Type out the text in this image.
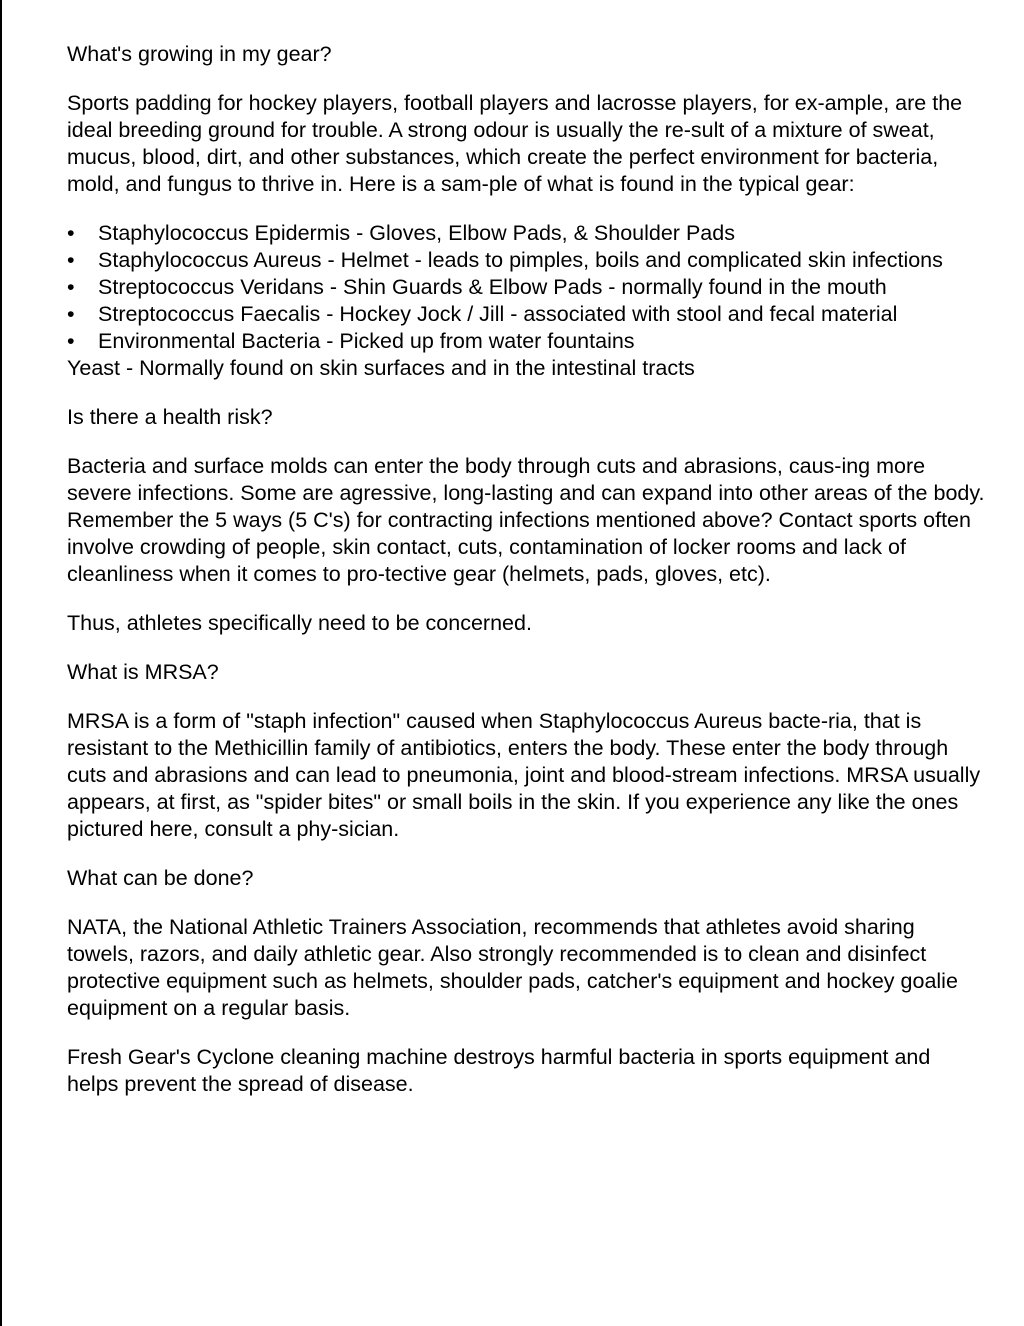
What's growing in my gear?

Sports padding for hockey players, football players and lacrosse players, for ex-ample, are the ideal breeding ground for trouble. A strong odour is usually the re-sult of a mixture of sweat, mucus, blood, dirt, and other substances, which create the perfect environment for bacteria, mold, and fungus to thrive in. Here is a sam-ple of what is found in the typical gear:

• Staphylococcus Epidermis - Gloves, Elbow Pads, & Shoulder Pads
• Staphylococcus Aureus - Helmet - leads to pimples, boils and complicated skin infections
• Streptococcus Veridans - Shin Guards & Elbow Pads - normally found in the mouth
• Streptococcus Faecalis - Hockey Jock / Jill - associated with stool and fecal material
• Environmental Bacteria - Picked up from water fountains

Yeast - Normally found on skin surfaces and in the intestinal tracts

Is there a health risk?

Bacteria and surface molds can enter the body through cuts and abrasions, caus-ing more severe infections. Some are agressive, long-lasting and can expand into other areas of the body. Remember the 5 ways (5 C's) for contracting infections mentioned above? Contact sports often involve crowding of people, skin contact, cuts, contamination of locker rooms and lack of cleanliness when it comes to pro-tective gear (helmets, pads, gloves, etc).

Thus, athletes specifically need to be concerned.

What is MRSA?

MRSA is a form of "staph infection" caused when Staphylococcus Aureus bacte-ria, that is resistant to the Methicillin family of antibiotics, enters the body. These enter the body through cuts and abrasions and can lead to pneumonia, joint and blood-stream infections. MRSA usually appears, at first, as "spider bites" or small boils in the skin. If you experience any like the ones pictured here, consult a phy-sician.

What can be done?

NATA, the National Athletic Trainers Association, recommends that athletes avoid sharing towels, razors, and daily athletic gear. Also strongly recommended is to clean and disinfect protective equipment such as helmets, shoulder pads, catcher's equipment and hockey goalie equipment on a regular basis.

Fresh Gear's Cyclone cleaning machine destroys harmful bacteria in sports equipment and helps prevent the spread of disease.
